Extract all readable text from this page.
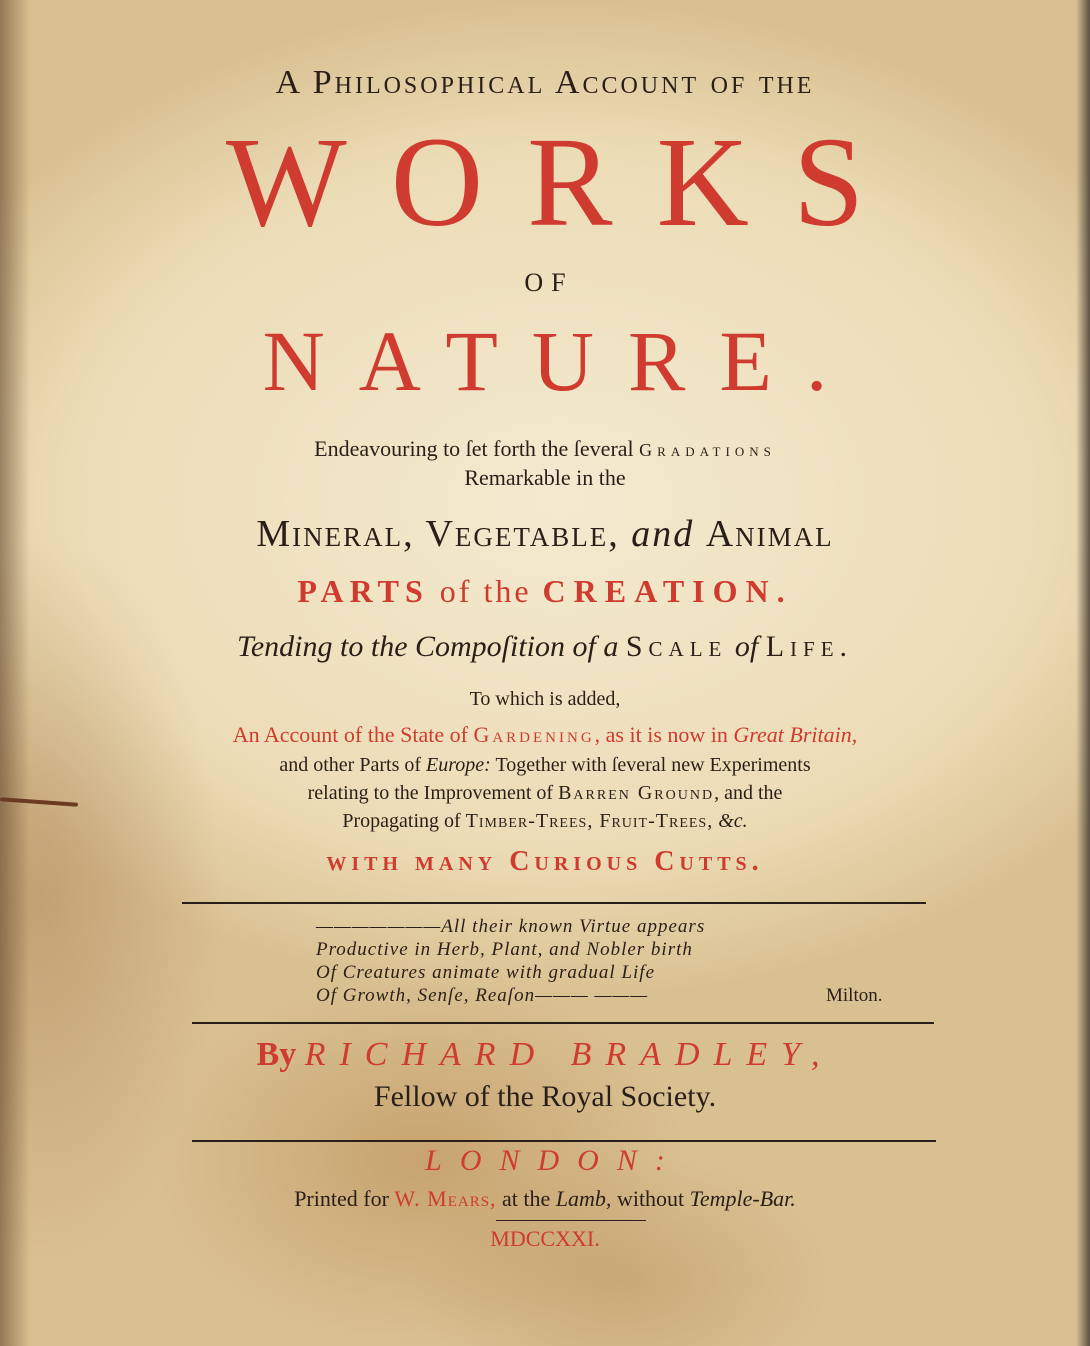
A Philosophical Account of the
WORKS
OF
NATURE.
Endeavouring to ſet forth the ſeveral Gradations
Remarkable in the
Mineral, Vegetable, and Animal
PARTS of the CREATION.
Tending to the Compoſition of a Scale of Life.
To which is added,
An Account of the State of Gardening, as it is now in Great Britain,
and other Parts of Europe: Together with ſeveral new Experiments
relating to the Improvement of Barren Ground, and the
Propagating of Timber-Trees, Fruit-Trees, &c.
with many Curious Cutts.
———————All their known Virtue appears
Productive in Herb, Plant, and Nobler birth
Of Creatures animate with gradual Life
Of Growth, Senſe, Reaſon——— ———	Milton.
By RICHARD BRADLEY,
Fellow of the Royal Society.
LONDON:
Printed for W. Mears, at the Lamb, without Temple-Bar.
MDCCXXI.
